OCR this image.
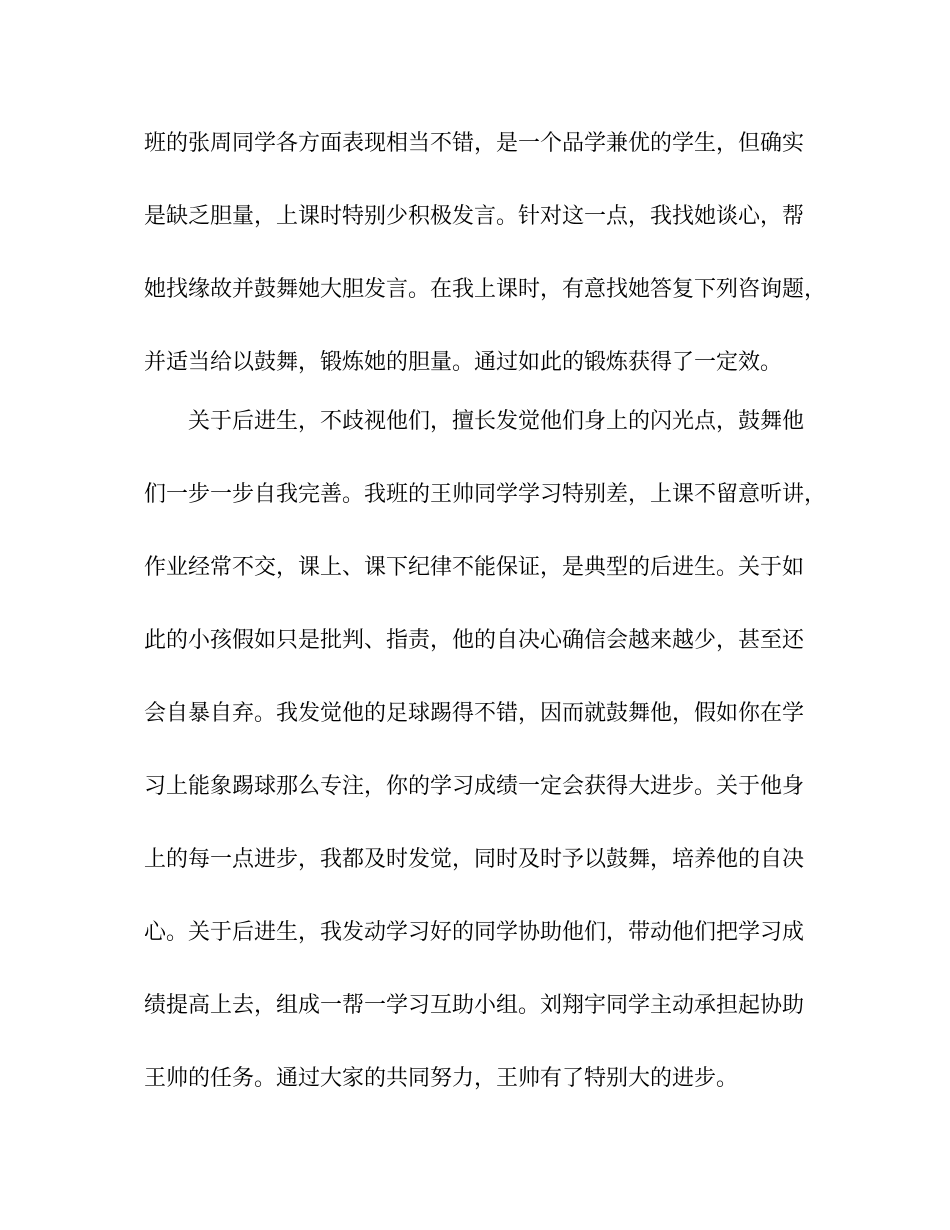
班的张周同学各方面表现相当不错，是一个品学兼优的学生，但确实

是缺乏胆量，上课时特别少积极发言。针对这一点，我找她谈心，帮

她找缘故并鼓舞她大胆发言。在我上课时，有意找她答复下列咨询题，

并适当给以鼓舞，锻炼她的胆量。通过如此的锻炼获得了一定效。

关于后进生，不歧视他们，擅长发觉他们身上的闪光点，鼓舞他

们一步一步自我完善。我班的王帅同学学习特别差，上课不留意听讲，

作业经常不交，课上、课下纪律不能保证，是典型的后进生。关于如

此的小孩假如只是批判、指责，他的自决心确信会越来越少，甚至还

会自暴自弃。我发觉他的足球踢得不错，因而就鼓舞他，假如你在学

习上能象踢球那么专注，你的学习成绩一定会获得大进步。关于他身

上的每一点进步，我都及时发觉，同时及时予以鼓舞，培养他的自决

心。关于后进生，我发动学习好的同学协助他们，带动他们把学习成

绩提高上去，组成一帮一学习互助小组。刘翔宇同学主动承担起协助

王帅的任务。通过大家的共同努力，王帅有了特别大的进步。
